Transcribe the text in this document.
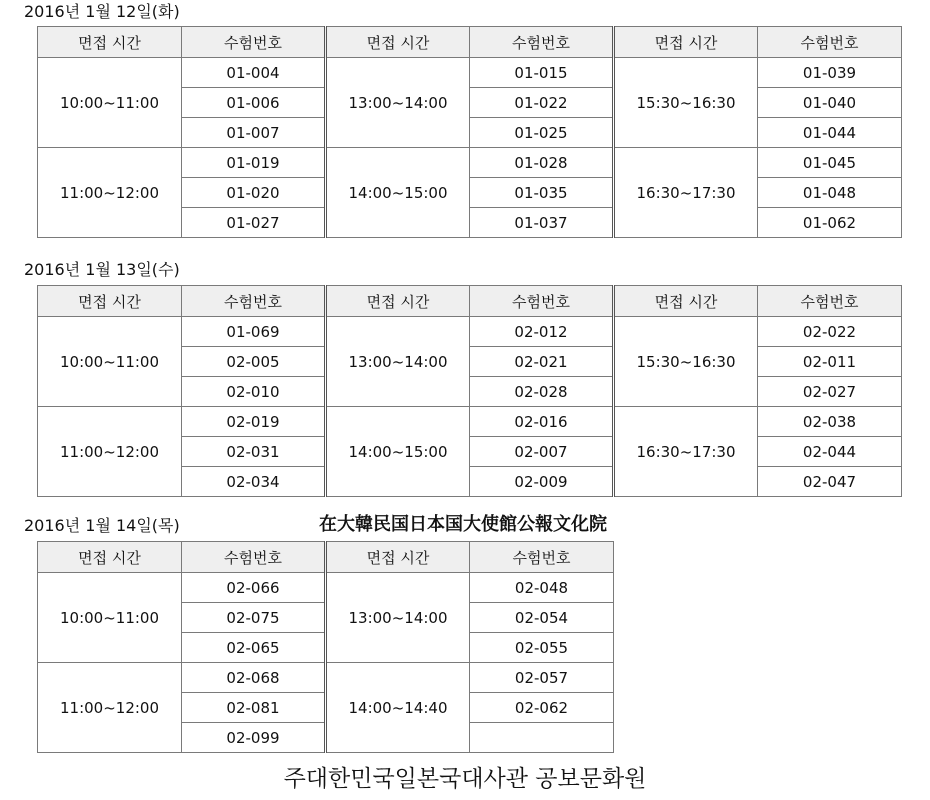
2016년 1월 12일(화)
면접 시간	수험번호	면접 시간	수험번호	면접 시간	수험번호
10:00~11:00	01-004	13:00~14:00	01-015	15:30~16:30	01-039
	01-006		01-022		01-040
	01-007		01-025		01-044
11:00~12:00	01-019	14:00~15:00	01-028	16:30~17:30	01-045
	01-020		01-035		01-048
	01-027		01-037		01-062
2016년 1월 13일(수)
면접 시간	수험번호	면접 시간	수험번호	면접 시간	수험번호
10:00~11:00	01-069	13:00~14:00	02-012	15:30~16:30	02-022
	02-005		02-021		02-011
	02-010		02-028		02-027
11:00~12:00	02-019	14:00~15:00	02-016	16:30~17:30	02-038
	02-031		02-007		02-044
	02-034		02-009		02-047
2016년 1월 14일(목)	在大韓民国日本国大使館公報文化院
면접 시간	수험번호	면접 시간	수험번호
10:00~11:00	02-066	13:00~14:00	02-048
	02-075		02-054
	02-065		02-055
11:00~12:00	02-068	14:00~14:40	02-057
	02-081		02-062
	02-099		
주대한민국일본국대사관 공보문화원
